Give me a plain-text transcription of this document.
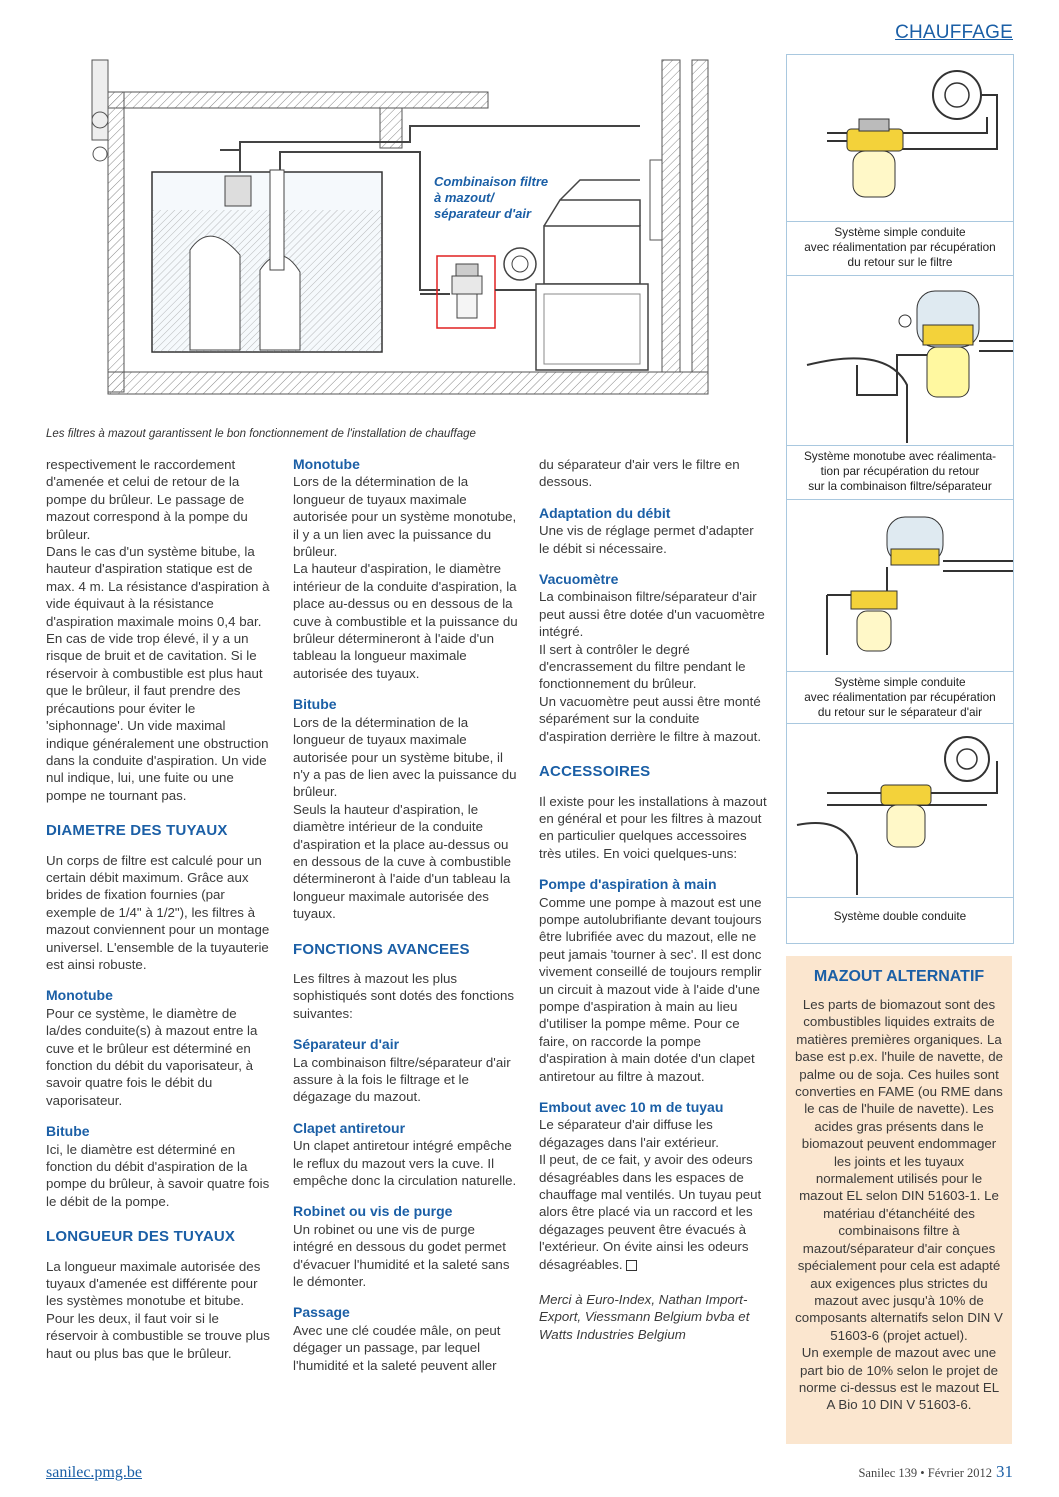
CHAUFFAGE
Combinaison filtre
à mazout/
séparateur d'air
Les filtres à mazout garantissent le bon fonctionnement de l'installation de chauffage

respectivement le raccordement d'amenée et celui de retour de la pompe du brûleur. Le passage de mazout correspond à la pompe du brûleur.

Dans le cas d'un système bitube, la hauteur d'aspiration statique est de max. 4 m. La résistance d'aspiration à vide équivaut à la résistance d'aspiration maximale moins 0,4 bar. En cas de vide trop élevé, il y a un risque de bruit et de cavitation. Si le réservoir à combustible est plus haut que le brûleur, il faut prendre des précautions pour éviter le 'siphonnage'. Un vide maximal indique généralement une obstruction dans la conduite d'aspiration. Un vide nul indique, lui, une fuite ou une pompe ne tournant pas.

DIAMETRE DES TUYAUX

Un corps de filtre est calculé pour un certain débit maximum. Grâce aux brides de fixation fournies (par exemple de 1/4" à 1/2"), les filtres à mazout conviennent pour un montage universel. L'ensemble de la tuyauterie est ainsi robuste.

Monotube

Pour ce système, le diamètre de la/des conduite(s) à mazout entre la cuve et le brûleur est déterminé en fonction du débit du vaporisateur, à savoir quatre fois le débit du vaporisateur.

Bitube

Ici, le diamètre est déterminé en fonction du débit d'aspiration de la pompe du brûleur, à savoir quatre fois le débit de la pompe.

LONGUEUR DES TUYAUX

La longueur maximale autorisée des tuyaux d'amenée est différente pour les systèmes monotube et bitube.

Pour les deux, il faut voir si le réservoir à combustible se trouve plus haut ou plus bas que le brûleur.

Monotube

Lors de la détermination de la longueur de tuyaux maximale autorisée pour un système monotube, il y a un lien avec la puissance du brûleur.

La hauteur d'aspiration, le diamètre intérieur de la conduite d'aspiration, la place au-dessus ou en dessous de la cuve à combustible et la puissance du brûleur détermineront à l'aide d'un tableau la longueur maximale autorisée des tuyaux.

Bitube

Lors de la détermination de la longueur de tuyaux maximale autorisée pour un système bitube, il n'y a pas de lien avec la puissance du brûleur.

Seuls la hauteur d'aspiration, le diamètre intérieur de la conduite d'aspiration et la place au-dessus ou en dessous de la cuve à combustible détermineront à l'aide d'un tableau la longueur maximale autorisée des tuyaux.

FONCTIONS AVANCEES

Les filtres à mazout les plus sophistiqués sont dotés des fonctions suivantes:

Séparateur d'air

La combinaison filtre/séparateur d'air assure à la fois le filtrage et le dégazage du mazout.

Clapet antiretour

Un clapet antiretour intégré empêche le reflux du mazout vers la cuve. Il empêche donc la circulation naturelle.

Robinet ou vis de purge

Un robinet ou une vis de purge intégré en dessous du godet permet d'évacuer l'humidité et la saleté sans le démonter.

Passage

Avec une clé coudée mâle, on peut dégager un passage, par lequel l'humidité et la saleté peuvent aller

du séparateur d'air vers le filtre en dessous.

Adaptation du débit

Une vis de réglage permet d'adapter le débit si nécessaire.

Vacuomètre

La combinaison filtre/séparateur d'air peut aussi être dotée d'un vacuomètre intégré.

Il sert à contrôler le degré d'encrassement du filtre pendant le fonctionnement du brûleur.

Un vacuomètre peut aussi être monté séparément sur la conduite d'aspiration derrière le filtre à mazout.

ACCESSOIRES

Il existe pour les installations à mazout en général et pour les filtres à mazout en particulier quelques accessoires très utiles. En voici quelques-uns:

Pompe d'aspiration à main

Comme une pompe à mazout est une pompe autolubrifiante devant toujours être lubrifiée avec du mazout, elle ne peut jamais 'tourner à sec'. Il est donc vivement conseillé de toujours remplir un circuit à mazout vide à l'aide d'une pompe d'aspiration à main au lieu d'utiliser la pompe même. Pour ce faire, on raccorde la pompe d'aspiration à main dotée d'un clapet antiretour au filtre à mazout.

Embout avec 10 m de tuyau

Le séparateur d'air diffuse les dégazages dans l'air extérieur.

Il peut, de ce fait, y avoir des odeurs désagréables dans les espaces de chauffage mal ventilés. Un tuyau peut alors être placé via un raccord et les dégazages peuvent être évacués à l'extérieur. On évite ainsi les odeurs désagréables.

Merci à Euro-Index, Nathan Import-Export, Viessmann Belgium bvba et Watts Industries Belgium

Système simple conduite
avec réalimentation par récupération
du retour sur le filtre
Système monotube avec réalimenta-
tion par récupération du retour
sur la combinaison filtre/séparateur
Système simple conduite
avec réalimentation par récupération
du retour sur le séparateur d'air
Système double conduite
MAZOUT ALTERNATIF
Les parts de biomazout sont des combustibles liquides extraits de matières premières organiques. La base est p.ex. l'huile de navette, de palme ou de soja. Ces huiles sont converties en FAME (ou RME dans le cas de l'huile de navette). Les acides gras présents dans le biomazout peuvent endommager les joints et les tuyaux normalement utilisés pour le mazout EL selon DIN 51603-1. Le matériau d'étanchéité des combinaisons filtre à mazout/séparateur d'air conçues spécialement pour cela est adapté aux exigences plus strictes du mazout avec jusqu'à 10% de composants alternatifs selon DIN V 51603-6 (projet actuel).
Un exemple de mazout avec une part bio de 10% selon le projet de norme ci-dessus est le mazout EL A Bio 10 DIN V 51603-6.
sanilec.pmg.be	Sanilec 139 • Février 2012 31
